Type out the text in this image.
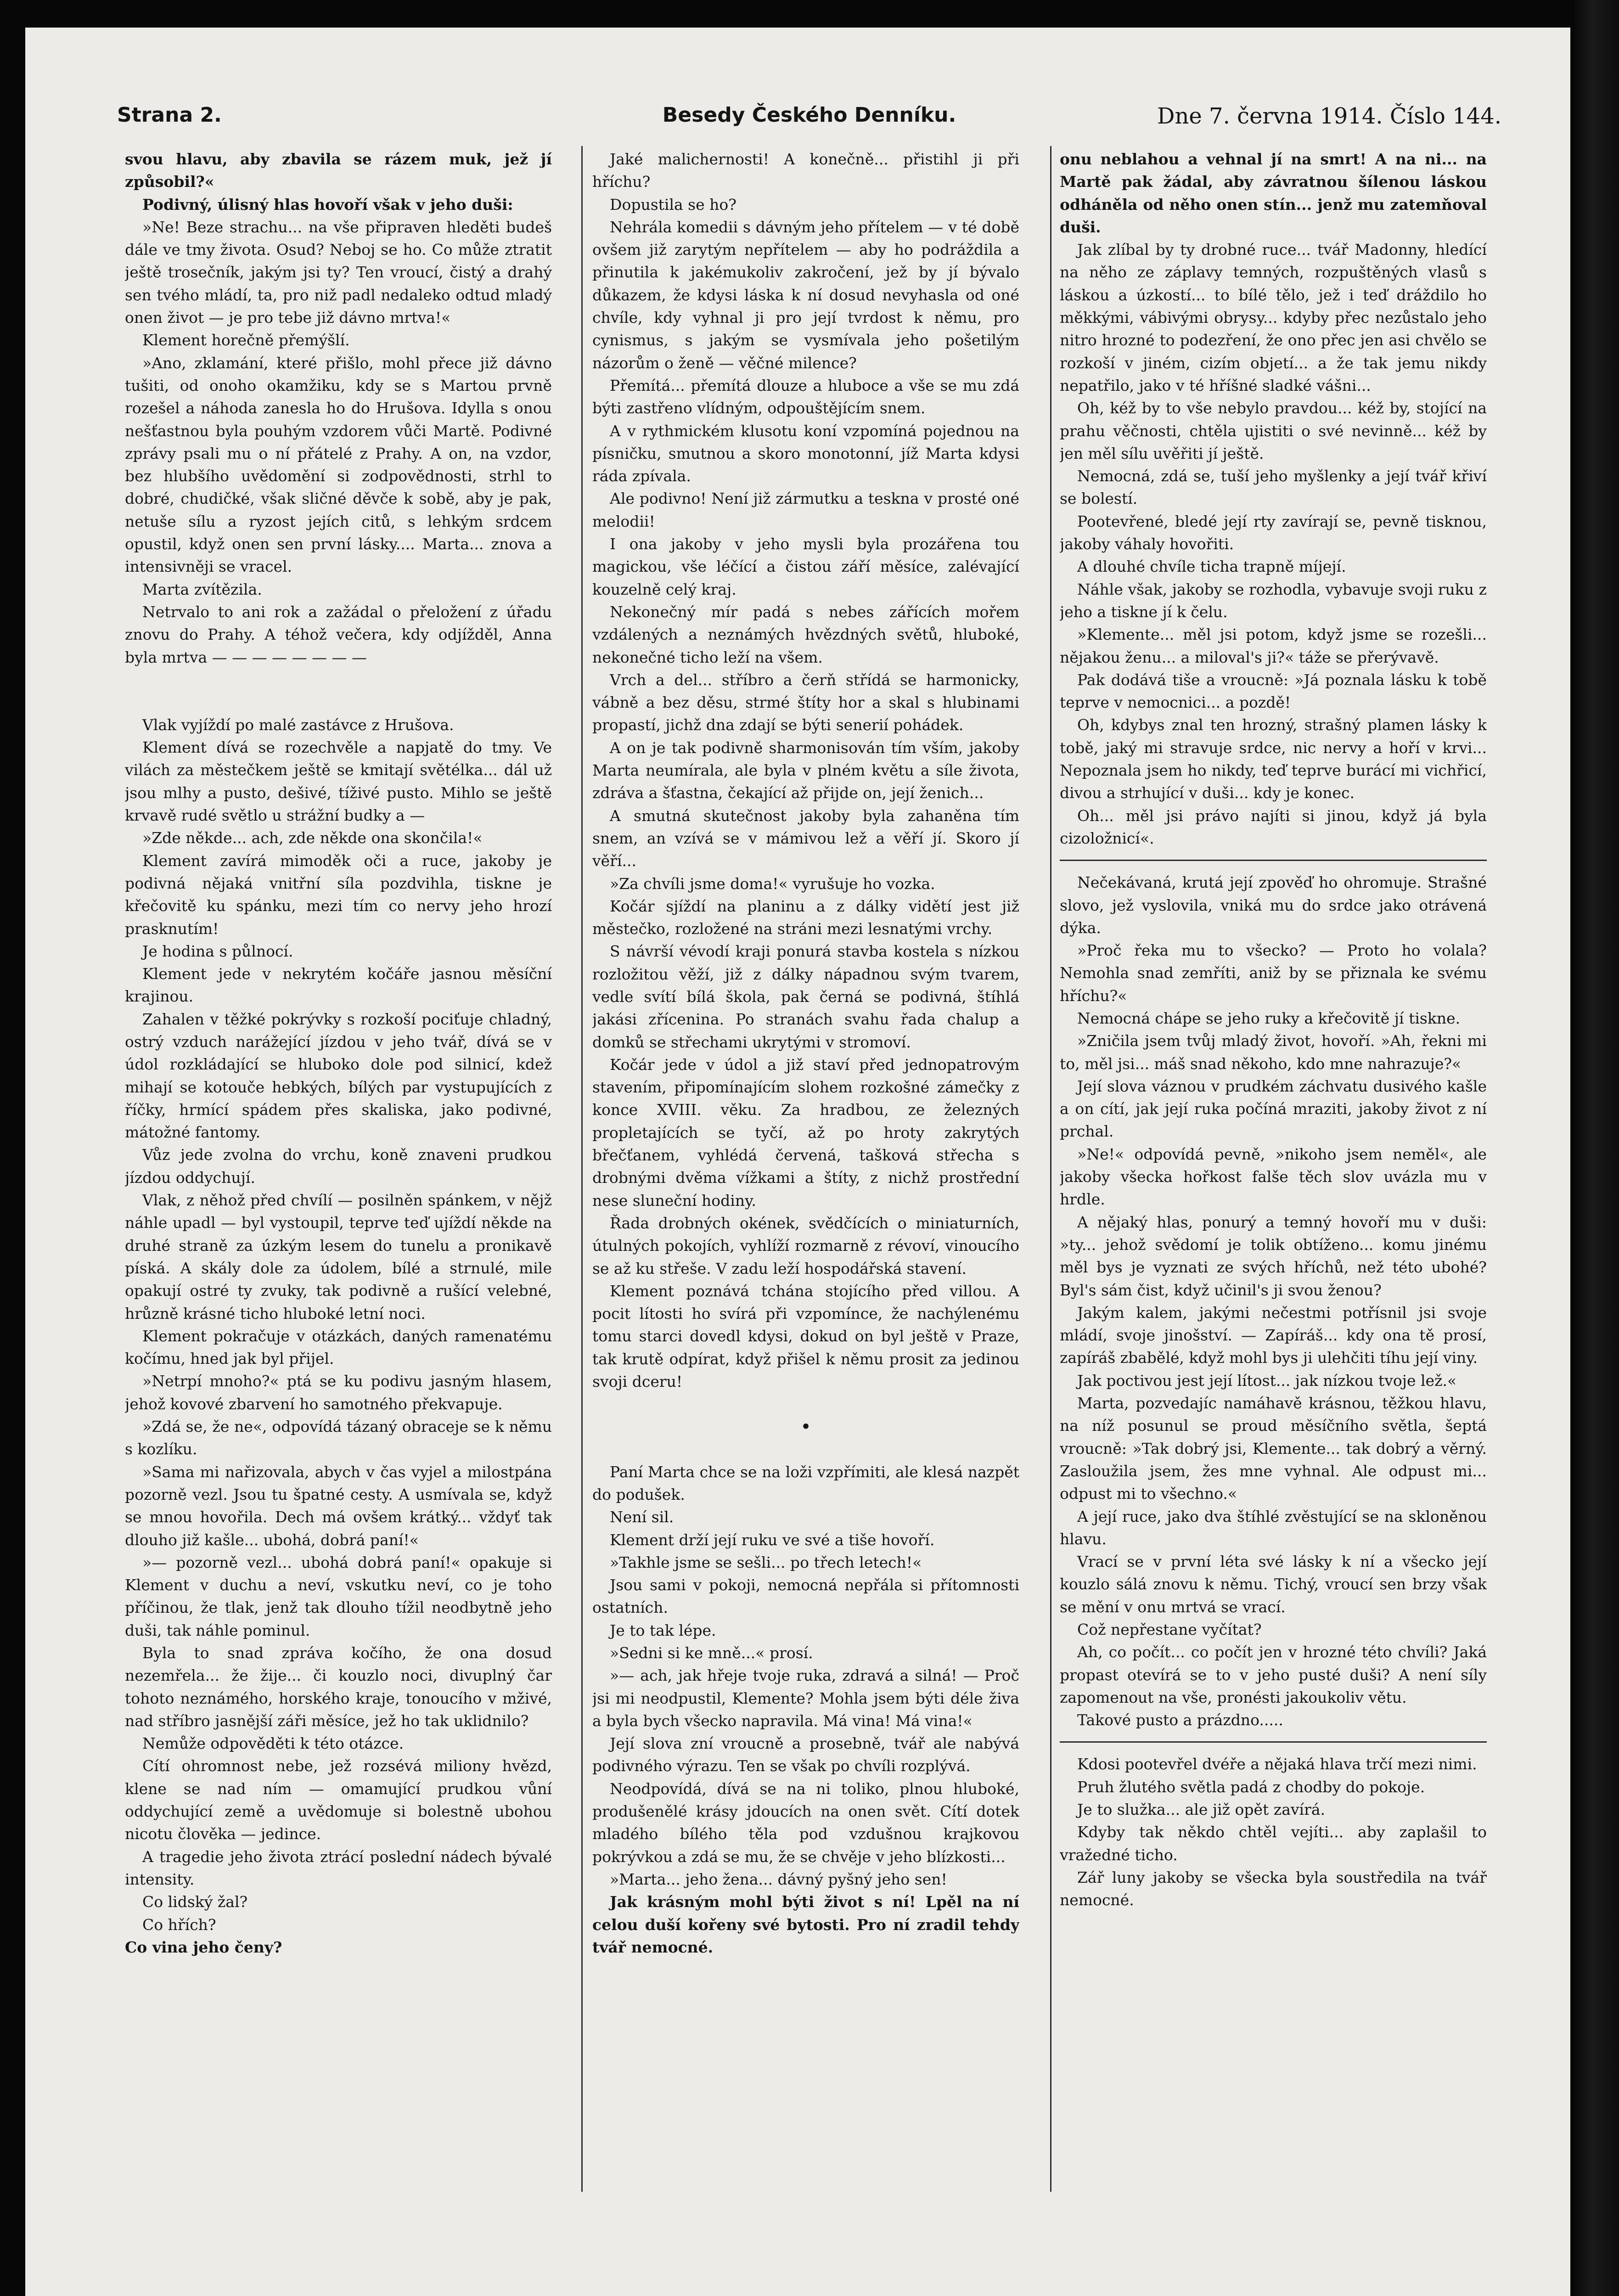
Strana 2.	Besedy Českého Denníku.	Dne 7. června 1914. Číslo 144.

svou hlavu, aby zbavila se rázem muk, jež jí způsobil?«

Podivný, úlisný hlas hovoří však v jeho duši:

»Ne! Beze strachu... na vše připraven hleděti budeš dále ve tmy života. Osud? Neboj se ho. Co může ztratit ještě trosečník, jakým jsi ty? Ten vroucí, čistý a drahý sen tvého mládí, ta, pro niž padl nedaleko odtud mladý onen život — je pro tebe již dávno mrtva!«

Klement horečně přemýšlí.

»Ano, zklamání, které přišlo, mohl přece již dávno tušiti, od onoho okamžiku, kdy se s Martou prvně rozešel a náhoda zanesla ho do Hrušova. Idylla s onou nešťastnou byla pouhým vzdorem vůči Martě. Podivné zprávy psali mu o ní přátelé z Prahy. A on, na vzdor, bez hlubšího uvědomění si zodpovědnosti, strhl to dobré, chudičké, však sličné děvče k sobě, aby je pak, netuše sílu a ryzost jejích citů, s lehkým srdcem opustil, když onen sen první lásky.... Marta... znova a intensivněji se vracel.

Marta zvítězila.

Netrvalo to ani rok a zažádal o přeložení z úřadu znovu do Prahy. A téhož večera, kdy odjížděl, Anna byla mrtva — — — — — — — —

Vlak vyjíždí po malé zastávce z Hrušova.

Klement dívá se rozechvěle a napjatě do tmy. Ve vilách za městečkem ještě se kmitají světélka... dál už jsou mlhy a pusto, dešivé, tíživé pusto. Mihlo se ještě krvavě rudé světlo u strážní budky a —

»Zde někde... ach, zde někde ona skončila!«

Klement zavírá mimoděk oči a ruce, jakoby je podivná nějaká vnitřní síla pozdvihla, tiskne je křečovitě ku spánku, mezi tím co nervy jeho hrozí prasknutím!

Je hodina s půlnocí.

Klement jede v nekrytém kočáře jasnou měsíční krajinou.

Zahalen v těžké pokrývky s rozkoší pociťuje chladný, ostrý vzduch narážející jízdou v jeho tvář, dívá se v údol rozkládající se hluboko dole pod silnicí, kdež mihají se kotouče hebkých, bílých par vystupujících z říčky, hrmící spádem přes skaliska, jako podivné, mátožné fantomy.

Vůz jede zvolna do vrchu, koně znaveni prudkou jízdou oddychují.

Vlak, z něhož před chvílí — posilněn spánkem, v nějž náhle upadl — byl vystoupil, teprve teď ujíždí někde na druhé straně za úzkým lesem do tunelu a pronikavě píská. A skály dole za údolem, bílé a strnulé, mile opakují ostré ty zvuky, tak podivně a rušící velebné, hrůzně krásné ticho hluboké letní noci.

Klement pokračuje v otázkách, daných ramenatému kočímu, hned jak byl přijel.

»Netrpí mnoho?« ptá se ku podivu jasným hlasem, jehož kovové zbarvení ho samotného překvapuje.

»Zdá se, že ne«, odpovídá tázaný obraceje se k němu s kozlíku.

»Sama mi nařizovala, abych v čas vyjel a milostpána pozorně vezl. Jsou tu špatné cesty. A usmívala se, když se mnou hovořila. Dech má ovšem krátký... vždyť tak dlouho již kašle... ubohá, dobrá paní!«

»— pozorně vezl... ubohá dobrá paní!« opakuje si Klement v duchu a neví, vskutku neví, co je toho příčinou, že tlak, jenž tak dlouho tížil neodbytně jeho duši, tak náhle pominul.

Byla to snad zpráva kočího, že ona dosud nezemřela... že žije... či kouzlo noci, divuplný čar tohoto neznámého, horského kraje, tonoucího v mživé, nad stříbro jasnější záři měsíce, jež ho tak uklidnilo?

Nemůže odpověděti k této otázce.

Cítí ohromnost nebe, jež rozsévá miliony hvězd, klene se nad ním — omamující prudkou vůní oddychující země a uvědomuje si bolestně ubohou nicotu člověka — jedince.

A tragedie jeho života ztrácí poslední nádech bývalé intensity.

Co lidský žal?

Co hřích?

Co vina jeho čeny?

Jaké malichernosti! A konečně... přistihl ji při hříchu?

Dopustila se ho?

Nehrála komedii s dávným jeho přítelem — v té době ovšem již zarytým nepřítelem — aby ho podráždila a přinutila k jakémukoliv zakročení, jež by jí bývalo důkazem, že kdysi láska k ní dosud nevyhasla od oné chvíle, kdy vyhnal ji pro její tvrdost k němu, pro cynismus, s jakým se vysmívala jeho pošetilým názorům o ženě — věčné milence?

Přemítá... přemítá dlouze a hluboce a vše se mu zdá býti zastřeno vlídným, odpouštějícím snem.

A v rythmickém klusotu koní vzpomíná pojednou na písničku, smutnou a skoro monotonní, jíž Marta kdysi ráda zpívala.

Ale podivno! Není již zármutku a teskna v prosté oné melodii!

I ona jakoby v jeho mysli byla prozářena tou magickou, vše léčící a čistou září měsíce, zalévající kouzelně celý kraj.

Nekonečný mír padá s nebes zářících mořem vzdálených a neznámých hvězdných světů, hluboké, nekonečné ticho leží na všem.

Vrch a del... stříbro a čerň střídá se harmonicky, vábně a bez děsu, strmé štíty hor a skal s hlubinami propastí, jichž dna zdají se býti senerií pohádek.

A on je tak podivně sharmonisován tím vším, jakoby Marta neumírala, ale byla v plném květu a síle života, zdráva a šťastna, čekající až přijde on, její ženich...

A smutná skutečnost jakoby byla zahaněna tím snem, an vzívá se v mámivou lež a věří jí. Skoro jí věří...

»Za chvíli jsme doma!« vyrušuje ho vozka.

Kočár sjíždí na planinu a z dálky vidětí jest již městečko, rozložené na stráni mezi lesnatými vrchy.

S návrší vévodí kraji ponurá stavba kostela s nízkou rozložitou věží, již z dálky nápadnou svým tvarem, vedle svítí bílá škola, pak černá se podivná, štíhlá jakási zřícenina. Po stranách svahu řada chalup a domků se střechami ukrytými v stromoví.

Kočár jede v údol a již staví před jednopatrovým stavením, připomínajícím slohem rozkošné zámečky z konce XVIII. věku. Za hradbou, ze železných propletajících se tyčí, až po hroty zakrytých břečťanem, vyhlédá červená, tašková střecha s drobnými dvěma vížkami a štíty, z nichž prostřední nese sluneční hodiny.

Řada drobných okének, svědčících o miniaturních, útulných pokojích, vyhlíží rozmarně z révoví, vinoucího se až ku střeše. V zadu leží hospodářská stavení.

Klement poznává tchána stojícího před villou. A pocit lítosti ho svírá při vzpomínce, že nachýlenému tomu starci dovedl kdysi, dokud on byl ještě v Praze, tak krutě odpírat, když přišel k němu prosit za jedinou svoji dceru!

•

Paní Marta chce se na loži vzpřímiti, ale klesá nazpět do podušek.

Není sil.

Klement drží její ruku ve své a tiše hovoří.

»Takhle jsme se sešli... po třech letech!«

Jsou sami v pokoji, nemocná nepřála si přítomnosti ostatních.

Je to tak lépe.

»Sedni si ke mně...« prosí.

»— ach, jak hřeje tvoje ruka, zdravá a silná! — Proč jsi mi neodpustil, Klemente? Mohla jsem býti déle živa a byla bych všecko napravila. Má vina! Má vina!«

Její slova zní vroucně a prosebně, tvář ale nabývá podivného výrazu. Ten se však po chvíli rozplývá.

Neodpovídá, dívá se na ni toliko, plnou hluboké, produšenělé krásy jdoucích na onen svět. Cítí dotek mladého bílého těla pod vzdušnou krajkovou pokrývkou a zdá se mu, že se chvěje v jeho blízkosti...

»Marta... jeho žena... dávný pyšný jeho sen!

Jak krásným mohl býti život s ní! Lpěl na ní celou duší kořeny své bytosti. Pro ní zradil tehdy tvář nemocné.

onu neblahou a vehnal jí na smrt! A na ni... na Martě pak žádal, aby závratnou šílenou láskou odháněla od něho onen stín... jenž mu zatemňoval duši.

Jak zlíbal by ty drobné ruce... tvář Madonny, hledící na něho ze záplavy temných, rozpuštěných vlasů s láskou a úzkostí... to bílé tělo, jež i teď dráždilo ho měkkými, vábivými obrysy... kdyby přec nezůstalo jeho nitro hrozné to podezření, že ono přec jen asi chvělo se rozkoší v jiném, cizím objetí... a že tak jemu nikdy nepatřilo, jako v té hříšné sladké vášni...

Oh, kéž by to vše nebylo pravdou... kéž by, stojící na prahu věčnosti, chtěla ujistiti o své nevinně... kéž by jen měl sílu uvěřiti jí ještě.

Nemocná, zdá se, tuší jeho myšlenky a její tvář křiví se bolestí.

Pootevřené, bledé její rty zavírají se, pevně tisknou, jakoby váhaly hovořiti.

A dlouhé chvíle ticha trapně míjejí.

Náhle však, jakoby se rozhodla, vybavuje svoji ruku z jeho a tiskne jí k čelu.

»Klemente... měl jsi potom, když jsme se rozešli... nějakou ženu... a miloval's ji?« táže se přerývavě.

Pak dodává tiše a vroucně: »Já poznala lásku k tobě teprve v nemocnici... a pozdě!

Oh, kdybys znal ten hrozný, strašný plamen lásky k tobě, jaký mi stravuje srdce, nic nervy a hoří v krvi... Nepoznala jsem ho nikdy, teď teprve burácí mi vichřicí, divou a strhující v duši... kdy je konec.

Oh... měl jsi právo najíti si jinou, když já byla cizoložnicí«.

Nečekávaná, krutá její zpověď ho ohromuje. Strašné slovo, jež vyslovila, vniká mu do srdce jako otrávená dýka.

»Proč řeka mu to všecko? — Proto ho volala? Nemohla snad zemříti, aniž by se přiznala ke svému hříchu?«

Nemocná chápe se jeho ruky a křečovitě jí tiskne.

»Zničila jsem tvůj mladý život, hovoří. »Ah, řekni mi to, měl jsi... máš snad někoho, kdo mne nahrazuje?«

Její slova váznou v prudkém záchvatu dusivého kašle a on cítí, jak její ruka počíná mraziti, jakoby život z ní prchal.

»Ne!« odpovídá pevně, »nikoho jsem neměl«, ale jakoby všecka hořkost falše těch slov uvázla mu v hrdle.

A nějaký hlas, ponurý a temný hovoří mu v duši: »ty... jehož svědomí je tolik obtíženo... komu jinému měl bys je vyznati ze svých hříchů, než této ubohé? Byl's sám čist, když učinil's ji svou ženou?

Jakým kalem, jakými nečestmi potřísnil jsi svoje mládí, svoje jinošství. — Zapíráš... kdy ona tě prosí, zapíráš zbabělé, když mohl bys ji ulehčiti tíhu její viny.

Jak poctivou jest její lítost... jak nízkou tvoje lež.«

Marta, pozvedajíc namáhavě krásnou, těžkou hlavu, na níž posunul se proud měsíčního světla, šeptá vroucně: »Tak dobrý jsi, Klemente... tak dobrý a věrný. Zasloužila jsem, žes mne vyhnal. Ale odpust mi... odpust mi to všechno.«

A její ruce, jako dva štíhlé zvěstující se na skloněnou hlavu.

Vrací se v první léta své lásky k ní a všecko její kouzlo sálá znovu k němu. Tichý, vroucí sen brzy však se mění v onu mrtvá se vrací.

Což nepřestane vyčítat?

Ah, co počít... co počít jen v hrozné této chvíli? Jaká propast otevírá se to v jeho pusté duši? A není síly zapomenout na vše, pronésti jakoukoliv větu.

Takové pusto a prázdno.....

Kdosi pootevřel dvéře a nějaká hlava trčí mezi nimi.

Pruh žlutého světla padá z chodby do pokoje.

Je to služka... ale již opět zavírá.

Kdyby tak někdo chtěl vejíti... aby zaplašil to vražedné ticho.

Zář luny jakoby se všecka byla soustředila na tvář nemocné.
